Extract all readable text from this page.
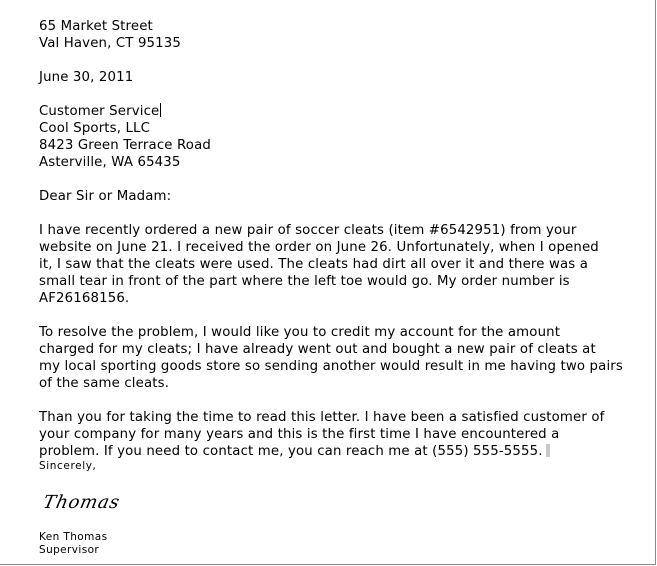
65 Market Street
Val Haven, CT 95135
June 30, 2011
Customer Service
Cool Sports, LLC
8423 Green Terrace Road
Asterville, WA 65435
Dear Sir or Madam:
I have recently ordered a new pair of soccer cleats (item #6542951) from your
website on June 21. I received the order on June 26. Unfortunately, when I opened
it, I saw that the cleats were used. The cleats had dirt all over it and there was a
small tear in front of the part where the left toe would go. My order number is
AF26168156.
To resolve the problem, I would like you to credit my account for the amount
charged for my cleats; I have already went out and bought a new pair of cleats at
my local sporting goods store so sending another would result in me having two pairs
of the same cleats.
Than you for taking the time to read this letter. I have been a satisfied customer of
your company for many years and this is the first time I have encountered a
problem. If you need to contact me, you can reach me at (555) 555-5555.
Sincerely,
Thomas
Ken Thomas
Supervisor
